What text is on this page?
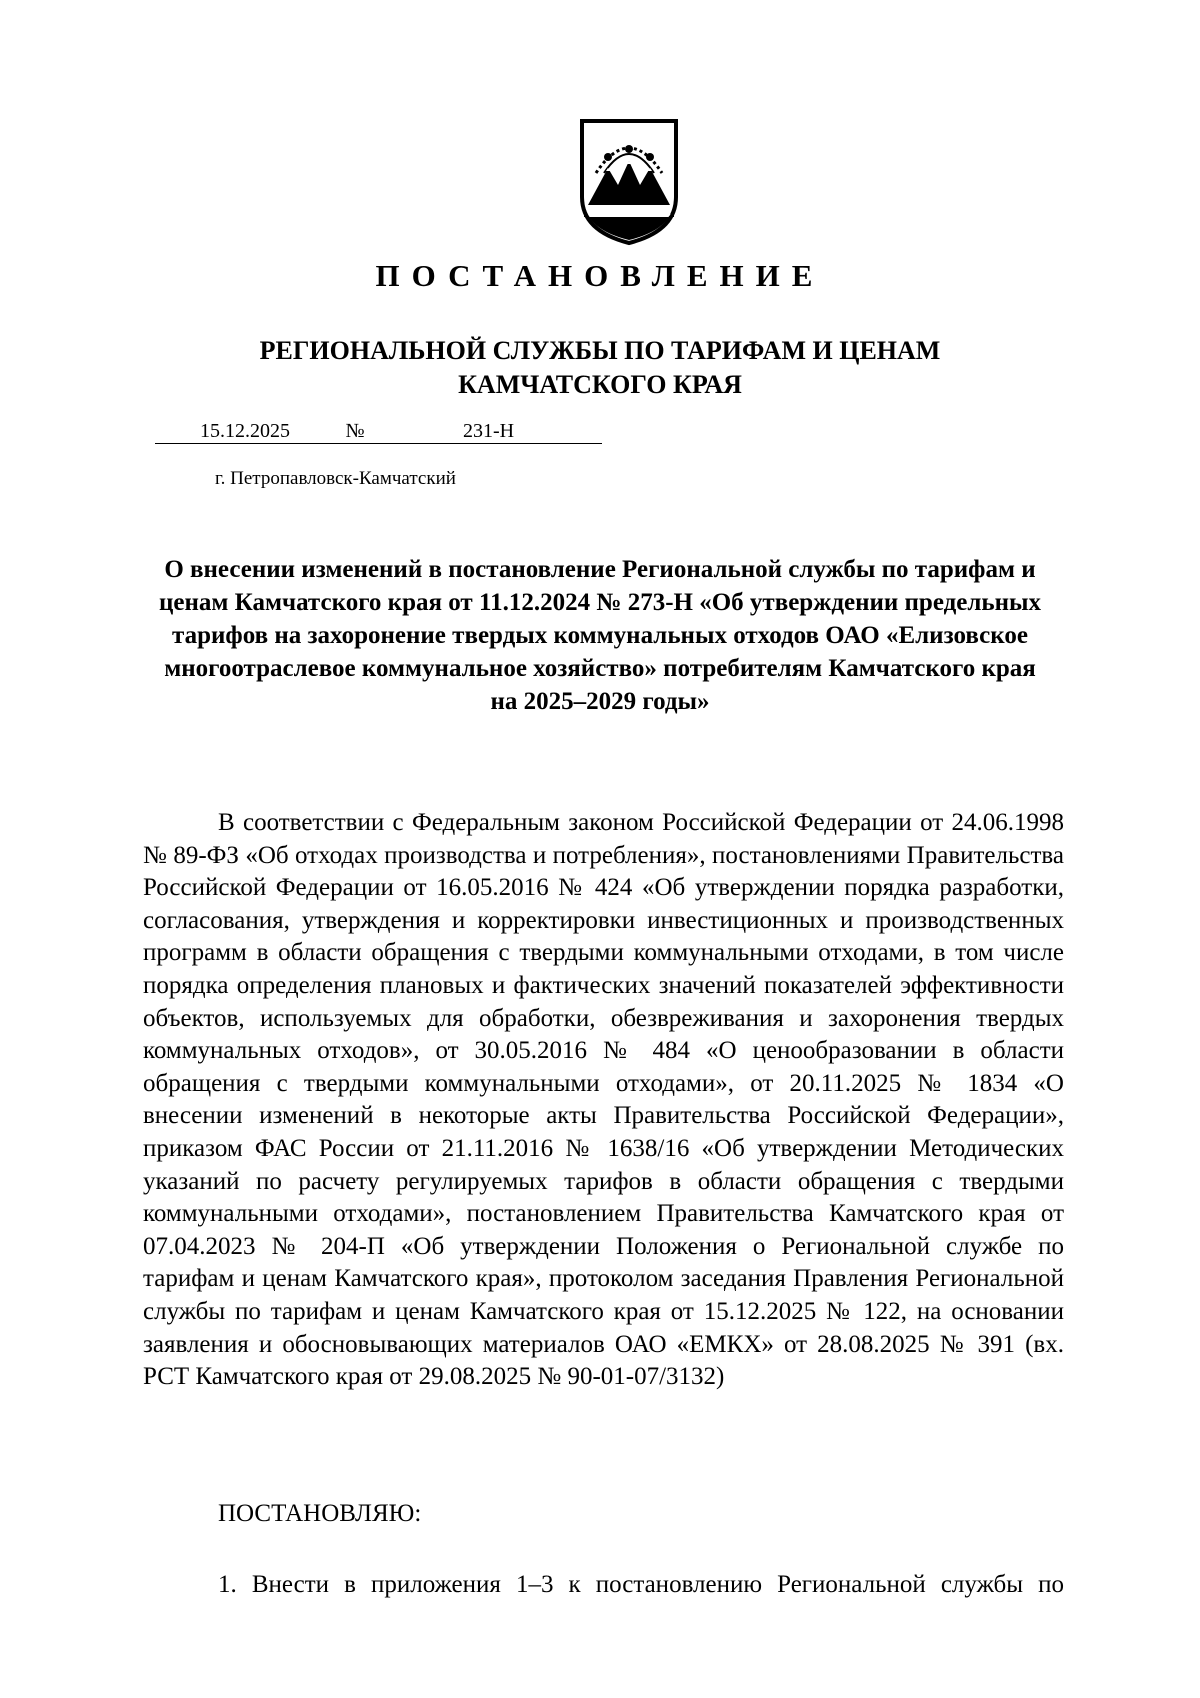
ПОСТАНОВЛЕНИЕ
РЕГИОНАЛЬНОЙ СЛУЖБЫ ПО ТАРИФАМ И ЦЕНАМ
КАМЧАТСКОГО КРАЯ
15.12.2025	№	231-Н
г. Петропавловск-Камчатский

О внесении изменений в постановление Региональной службы по тарифам и ценам Камчатского края от 11.12.2024 № 273-Н «Об утверждении предельных тарифов на захоронение твердых коммунальных отходов ОАО «Елизовское многоотраслевое коммунальное хозяйство» потребителям Камчатского края на 2025–2029 годы»

В соответствии с Федеральным законом Российской Федерации от 24.06.1998 № 89-ФЗ «Об отходах производства и потребления», постановлениями Правительства Российской Федерации от 16.05.2016 № 424 «Об утверждении порядка разработки, согласования, утверждения и корректировки инвестиционных и производственных программ в области обращения с твердыми коммунальными отходами, в том числе порядка определения плановых и фактических значений показателей эффективности объектов, используемых для обработки, обезвреживания и захоронения твердых коммунальных отходов», от 30.05.2016 № 484 «О ценообразовании в области обращения с твердыми коммунальными отходами», от 20.11.2025 № 1834 «О внесении изменений в некоторые акты Правительства Российской Федерации», приказом ФАС России от 21.11.2016 № 1638/16 «Об утверждении Методических указаний по расчету регулируемых тарифов в области обращения с твердыми коммунальными отходами», постановлением Правительства Камчатского края от 07.04.2023 № 204-П «Об утверждении Положения о Региональной службе по тарифам и ценам Камчатского края», протоколом заседания Правления Региональной службы по тарифам и ценам Камчатского края от 15.12.2025 № 122, на основании заявления и обосновывающих материалов ОАО «ЕМКХ» от 28.08.2025 № 391 (вх. РСТ Камчатского края от 29.08.2025 № 90-01-07/3132)

ПОСТАНОВЛЯЮ:

1. Внести в приложения 1–3 к постановлению Региональной службы по
